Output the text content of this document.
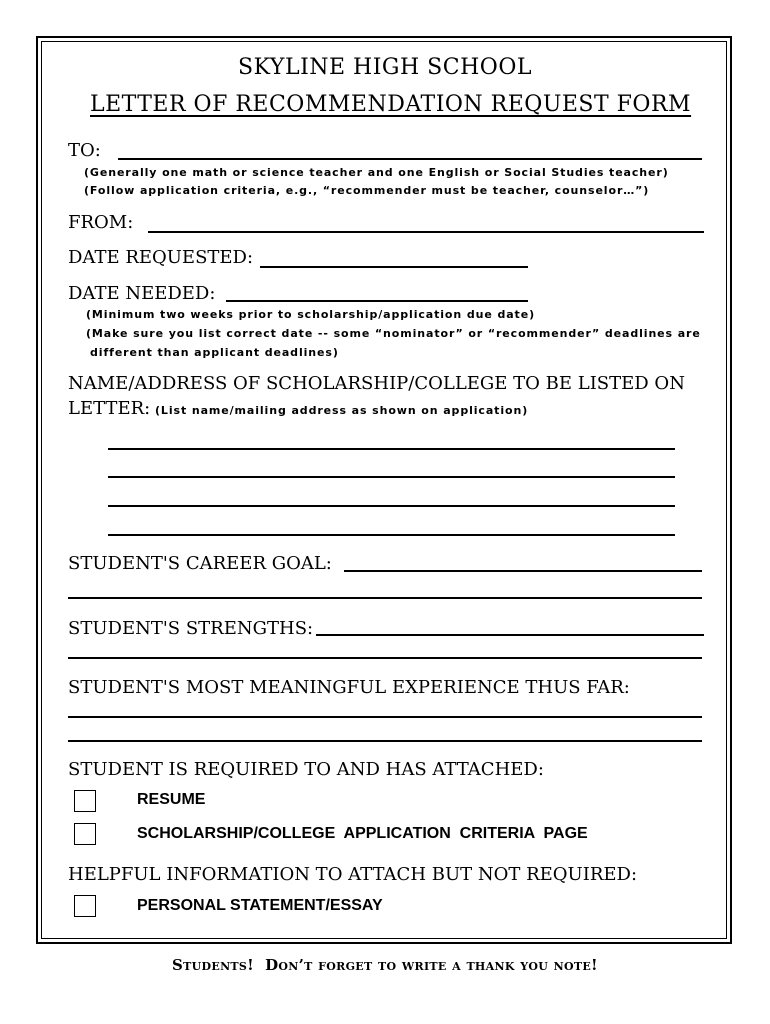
SKYLINE HIGH SCHOOL
LETTER OF RECOMMENDATION REQUEST FORM
TO:
(Generally one math or science teacher and one English or Social Studies teacher)
(Follow application criteria, e.g., “recommender must be teacher, counselor…”)
FROM:
DATE REQUESTED:
DATE NEEDED:
(Minimum two weeks prior to scholarship/application due date)
(Make sure you list correct date -- some “nominator” or “recommender” deadlines are
different than applicant deadlines)
NAME/ADDRESS OF SCHOLARSHIP/COLLEGE TO BE LISTED ON
LETTER: (List name/mailing address as shown on application)
STUDENT'S CAREER GOAL:
STUDENT'S STRENGTHS:
STUDENT'S MOST MEANINGFUL EXPERIENCE THUS FAR:
STUDENT IS REQUIRED TO AND HAS ATTACHED:
RESUME
SCHOLARSHIP/COLLEGE  APPLICATION  CRITERIA  PAGE
HELPFUL INFORMATION TO ATTACH BUT NOT REQUIRED:
PERSONAL STATEMENT/ESSAY
Students!  Don’t forget to write a thank you note!
